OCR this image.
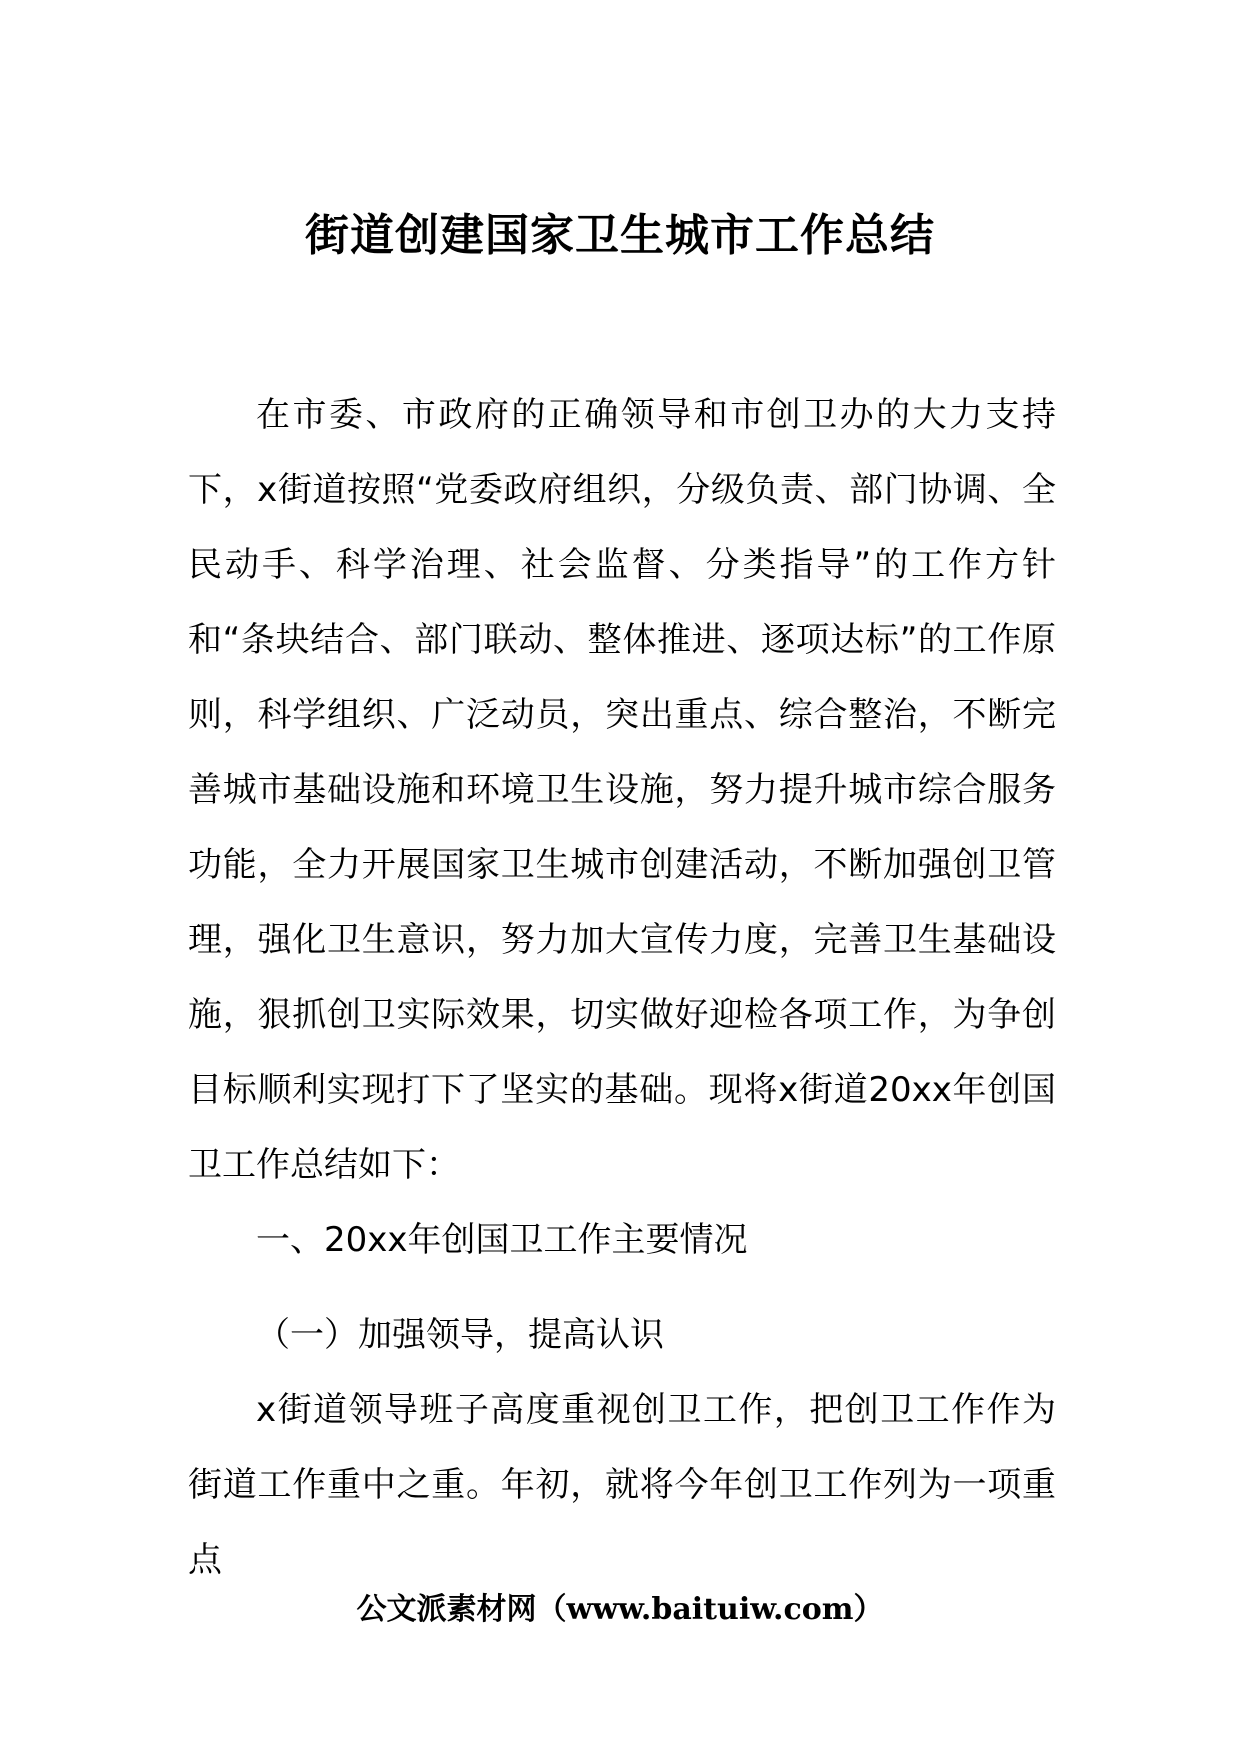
街道创建国家卫生城市工作总结

在市委、市政府的正确领导和市创卫办的大力支持下，x街道按照“党委政府组织，分级负责、部门协调、全民动手、科学治理、社会监督、分类指导”的工作方针和“条块结合、部门联动、整体推进、逐项达标”的工作原则，科学组织、广泛动员，突出重点、综合整治，不断完善城市基础设施和环境卫生设施，努力提升城市综合服务功能，全力开展国家卫生城市创建活动，不断加强创卫管理，强化卫生意识，努力加大宣传力度，完善卫生基础设施，狠抓创卫实际效果，切实做好迎检各项工作，为争创目标顺利实现打下了坚实的基础。现将x街道20xx年创国卫工作总结如下：

一、20xx年创国卫工作主要情况

（一）加强领导，提高认识

x街道领导班子高度重视创卫工作，把创卫工作作为街道工作重中之重。年初，就将今年创卫工作列为一项重点

公文派素材网（www.baituiw.com）
